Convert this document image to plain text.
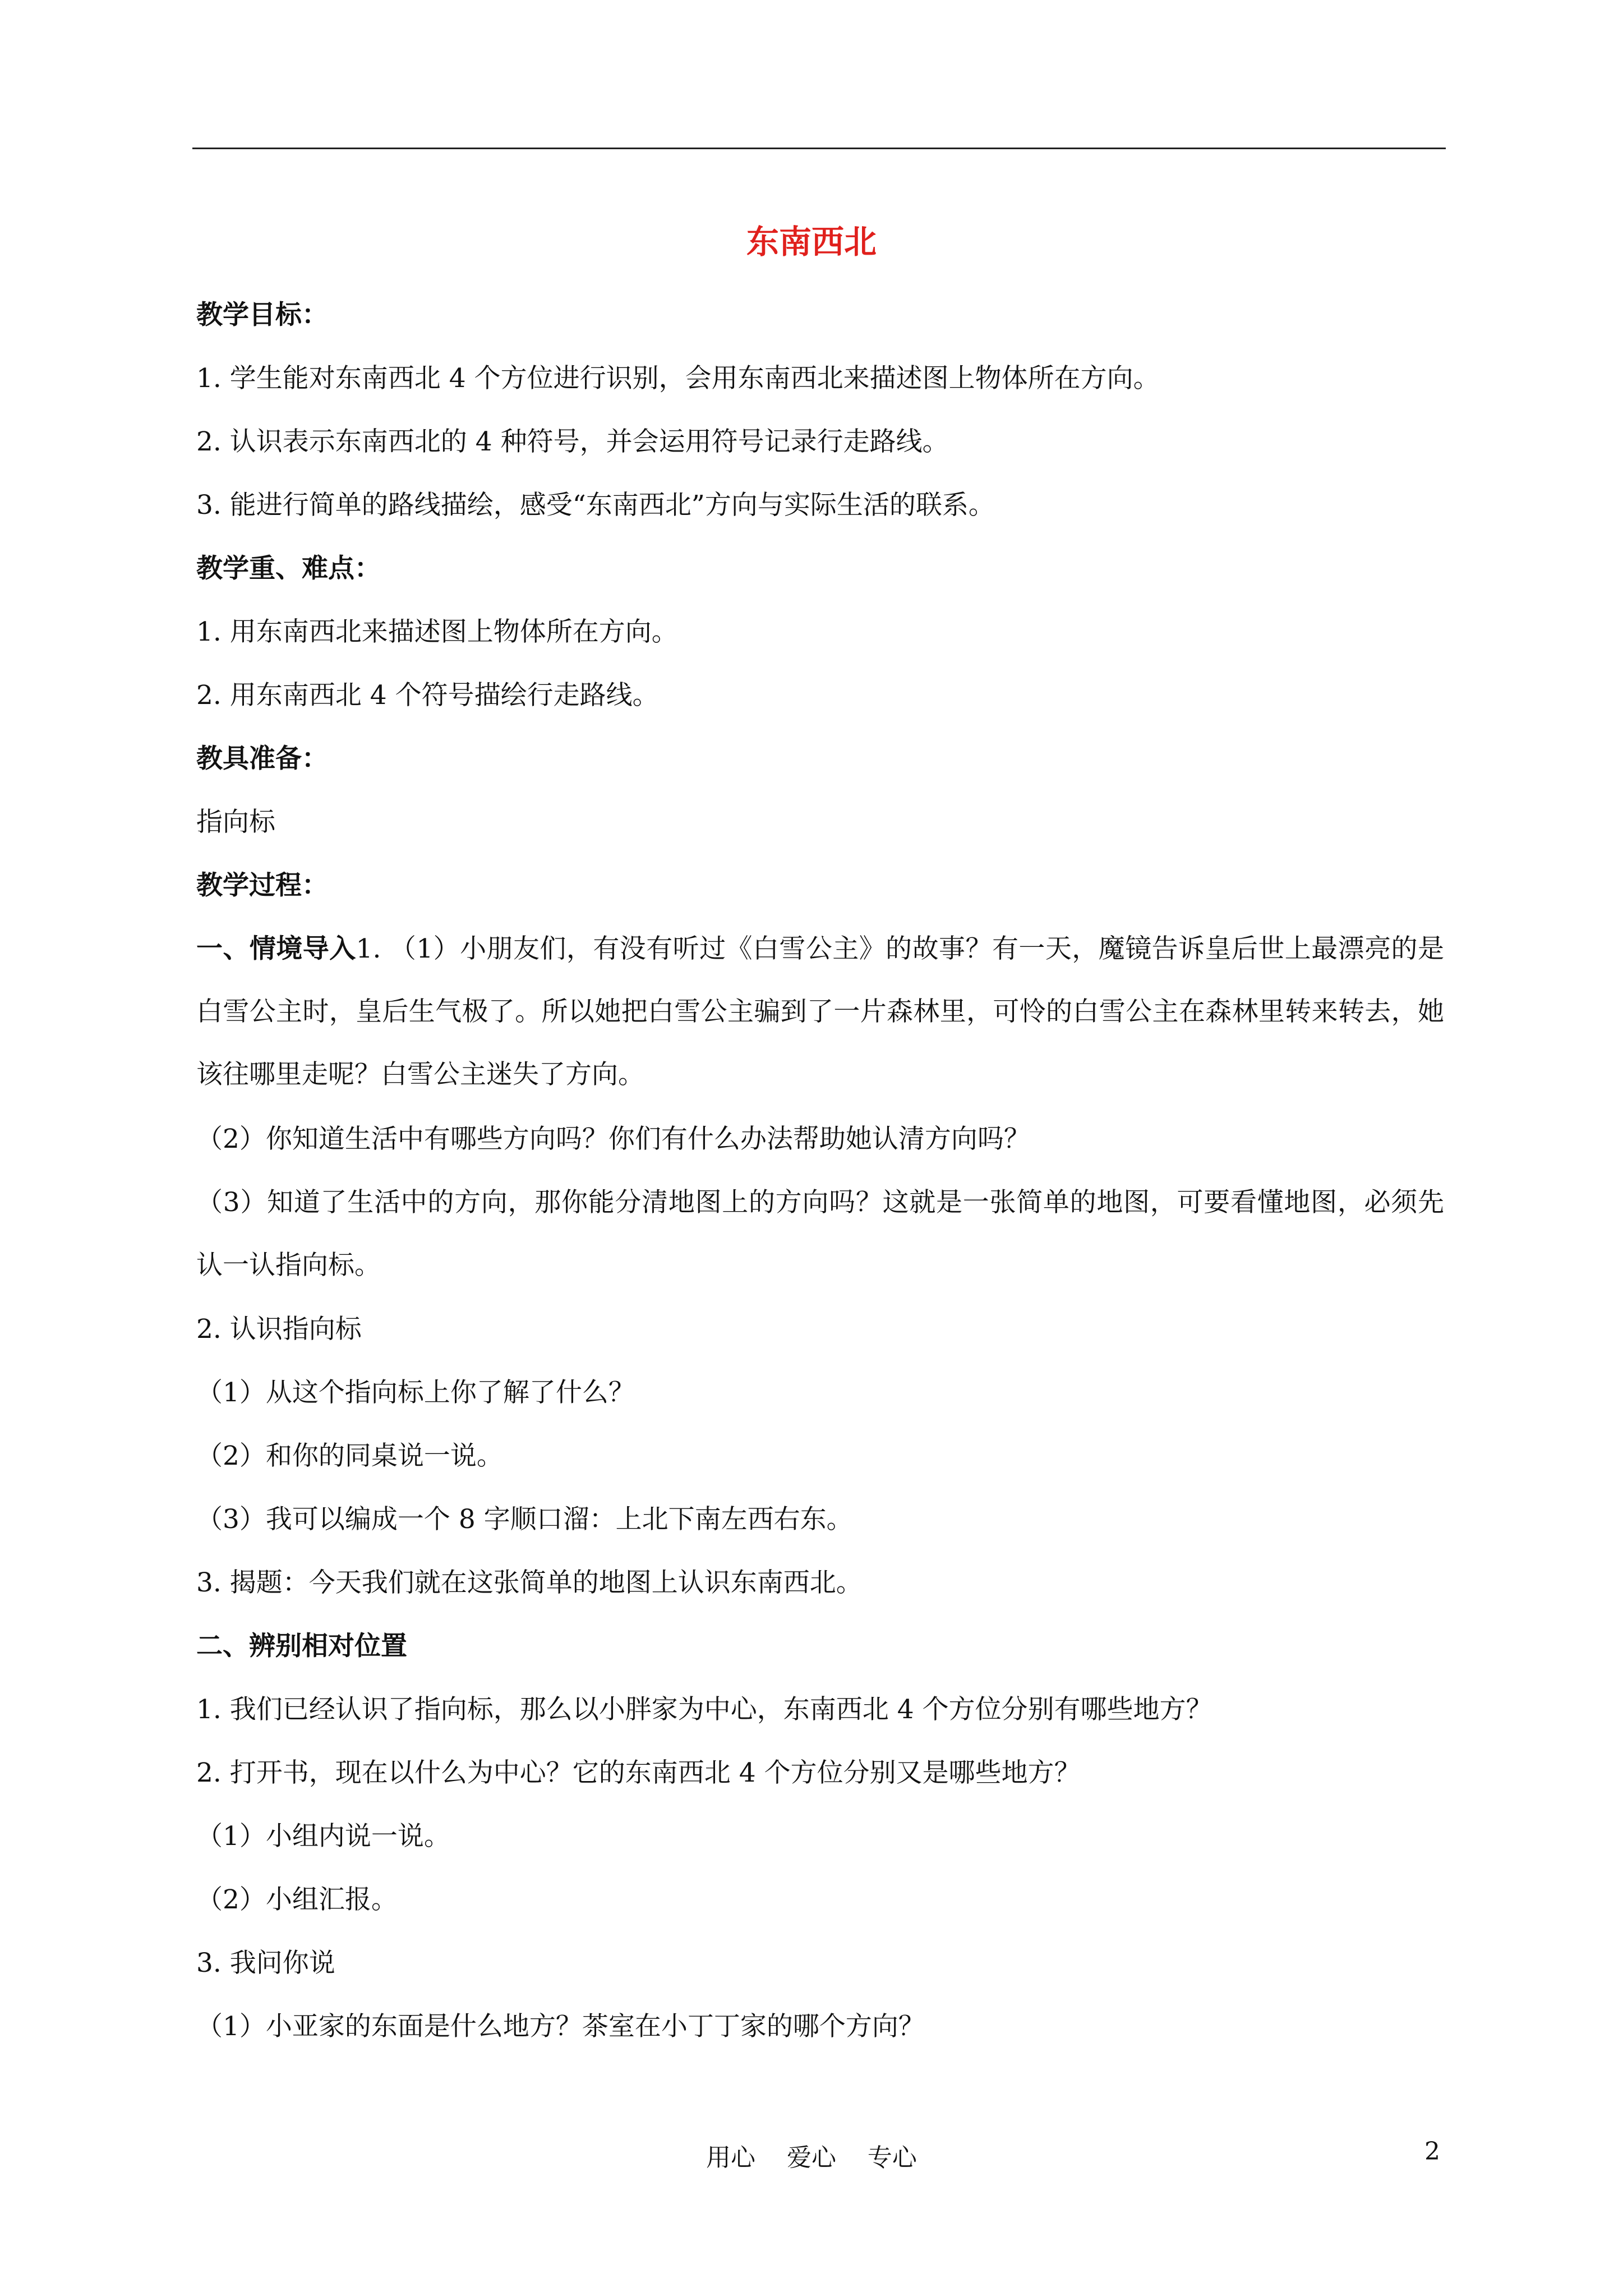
东南西北
教学目标：
1. 学生能对东南西北 4 个方位进行识别，会用东南西北来描述图上物体所在方向。
2. 认识表示东南西北的 4 种符号，并会运用符号记录行走路线。
3. 能进行简单的路线描绘，感受“东南西北”方向与实际生活的联系。
教学重、难点：
1. 用东南西北来描述图上物体所在方向。
2. 用东南西北 4 个符号描绘行走路线。
教具准备：
指向标
教学过程：
一、情境导入1. （1）小朋友们，有没有听过《白雪公主》的故事？有一天，魔镜告诉皇后世上最漂亮的是白雪公主时，皇后生气极了。所以她把白雪公主骗到了一片森林里，可怜的白雪公主在森林里转来转去，她该往哪里走呢？白雪公主迷失了方向。
（2）你知道生活中有哪些方向吗？你们有什么办法帮助她认清方向吗？
（3）知道了生活中的方向，那你能分清地图上的方向吗？这就是一张简单的地图，可要看懂地图，必须先认一认指向标。
2. 认识指向标
（1）从这个指向标上你了解了什么？
（2）和你的同桌说一说。
（3）我可以编成一个 8 字顺口溜：上北下南左西右东。
3. 揭题：今天我们就在这张简单的地图上认识东南西北。
二、辨别相对位置
1. 我们已经认识了指向标，那么以小胖家为中心，东南西北 4 个方位分别有哪些地方？
2. 打开书，现在以什么为中心？它的东南西北 4 个方位分别又是哪些地方？
（1）小组内说一说。
（2）小组汇报。
3. 我问你说
（1）小亚家的东面是什么地方？茶室在小丁丁家的哪个方向？
用心    爱心    专心	2
